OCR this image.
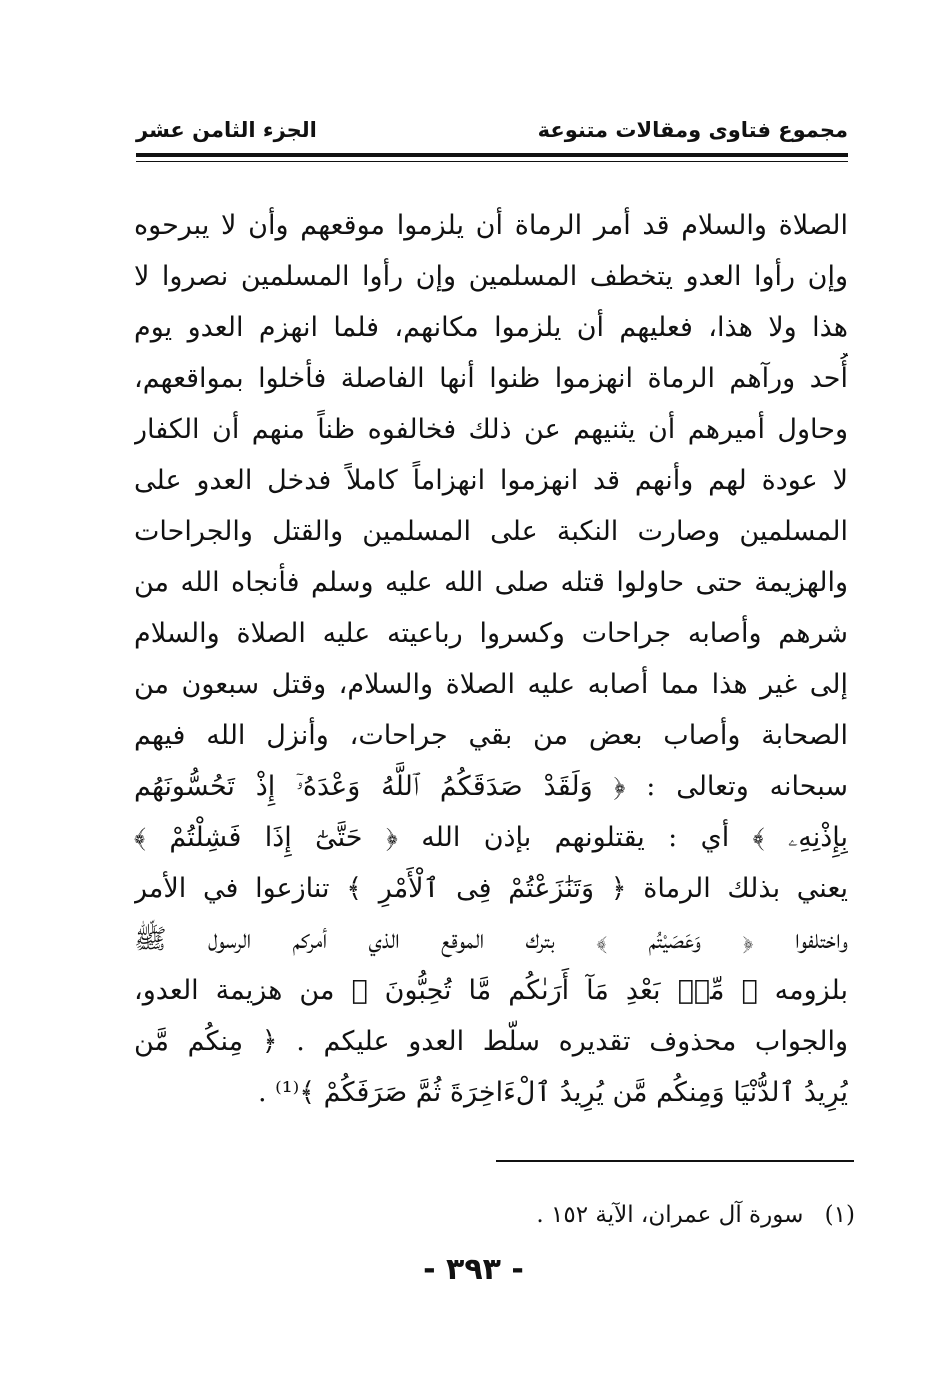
مجموع فتاوى ومقالات متنوعة
الجزء الثامن عشر
الصلاة والسلام قد أمر الرماة أن يلزموا موقعهم وأن لا يبرحوه
وإن رأوا العدو يتخطف المسلمين وإن رأوا المسلمين نصروا لا
هذا ولا هذا، فعليهم أن يلزموا مكانهم، فلما انهزم العدو يوم
أُحد ورآهم الرماة انهزموا ظنوا أنها الفاصلة فأخلوا بمواقعهم،
وحاول أميرهم أن يثنيهم عن ذلك فخالفوه ظناً منهم أن الكفار
لا عودة لهم وأنهم قد انهزموا انهزاماً كاملاً فدخل العدو على
المسلمين وصارت النكبة على المسلمين والقتل والجراحات
والهزيمة حتى حاولوا قتله صلى الله عليه وسلم فأنجاه الله من
شرهم وأصابه جراحات وكسروا رباعيته عليه الصلاة والسلام
إلى غير هذا مما أصابه عليه الصلاة والسلام، وقتل سبعون من
الصحابة وأصاب بعض من بقي جراحات، وأنزل الله فيهم
سبحانه وتعالى : ﴿ وَلَقَدْ صَدَقَكُمُ ٱللَّهُ وَعْدَهُۥٓ إِذْ تَحُسُّونَهُم
بِإِذْنِهِۦ ﴾ أي : يقتلونهم بإذن الله ﴿ حَتَّىٰٓ إِذَا فَشِلْتُمْ ﴾
يعني بذلك الرماة ﴿ وَتَنَٰزَعْتُمْ فِى ٱلْأَمْرِ ﴾ تنازعوا في الأمر
واختلفوا ﴿ وَعَصَيْتُم ﴾ بترك الموقع الذي أمركم الرسول ﷺ
بلزومه ﴿ مِّنۢ بَعْدِ مَآ أَرَىٰكُم مَّا تُحِبُّونَ ﴾ من هزيمة العدو،
والجواب محذوف تقديره سلّط العدو عليكم . ﴿ مِنكُم مَّن
يُرِيدُ ٱلدُّنْيَا وَمِنكُم مَّن يُرِيدُ ٱلْءَاخِرَةَ ثُمَّ صَرَفَكُمْ ﴾⁽¹⁾ .
(١) سورة آل عمران، الآية ١٥٢ .
- ٣٩٣ -
